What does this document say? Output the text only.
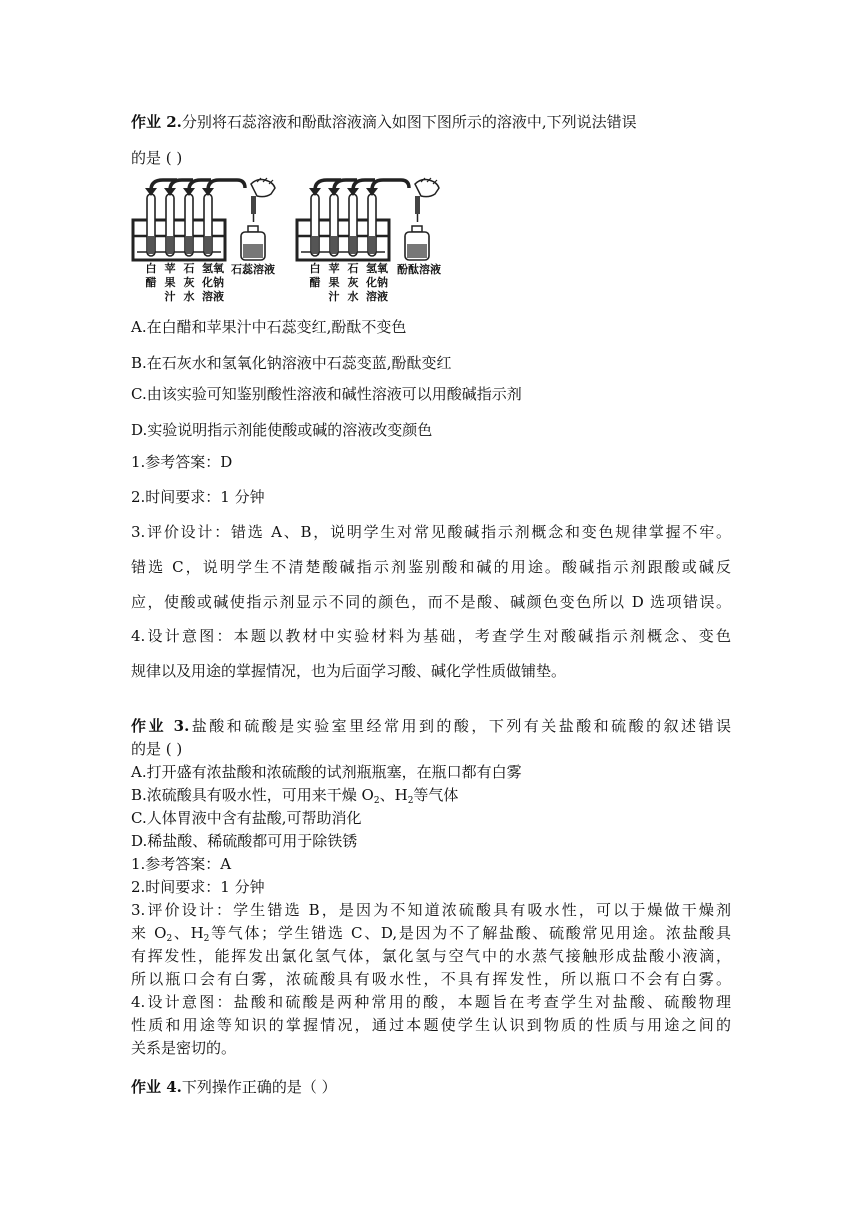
作业 2.分别将石蕊溶液和酚酞溶液滴入如图下图所示的溶液中,下列说法错误
的是 ( )
白
醋
苹
果
汁
石
灰
水
氢氧
化钠
溶液
石蕊溶液	白
醋
苹
果
汁
石
灰
水
氢氧
化钠
溶液
酚酞溶液
A.在白醋和苹果汁中石蕊变红,酚酞不变色
B.在石灰水和氢氧化钠溶液中石蕊变蓝,酚酞变红
C.由该实验可知鉴别酸性溶液和碱性溶液可以用酸碱指示剂
D.实验说明指示剂能使酸或碱的溶液改变颜色
1.参考答案：D
2.时间要求：1 分钟
3.评价设计：错选 A、B，说明学生对常见酸碱指示剂概念和变色规律掌握不牢。
错选 C，说明学生不清楚酸碱指示剂鉴别酸和碱的用途。酸碱指示剂跟酸或碱反
应，使酸或碱使指示剂显示不同的颜色，而不是酸、碱颜色变色所以 D 选项错误。
4.设计意图：本题以教材中实验材料为基础，考查学生对酸碱指示剂概念、变色
规律以及用途的掌握情况，也为后面学习酸、碱化学性质做铺垫。
作业 3.盐酸和硫酸是实验室里经常用到的酸，下列有关盐酸和硫酸的叙述错误
的是 ( )
A.打开盛有浓盐酸和浓硫酸的试剂瓶瓶塞，在瓶口都有白雾
B.浓硫酸具有吸水性，可用来干燥 $O_2$、$H_2$等气体
C.人体胃液中含有盐酸,可帮助消化
D.稀盐酸、稀硫酸都可用于除铁锈
1.参考答案：A
2.时间要求：1 分钟
3.评价设计：学生错选 B，是因为不知道浓硫酸具有吸水性，可以于燥做干燥剂
来 $O_2$、$H_2$等气体；学生错选 C、D,是因为不了解盐酸、硫酸常见用途。浓盐酸具
有挥发性，能挥发出氯化氢气体，氯化氢与空气中的水蒸气接触形成盐酸小液滴，
所以瓶口会有白雾，浓硫酸具有吸水性，不具有挥发性，所以瓶口不会有白雾。
4.设计意图：盐酸和硫酸是两种常用的酸，本题旨在考查学生对盐酸、硫酸物理
性质和用途等知识的掌握情况，通过本题使学生认识到物质的性质与用途之间的
关系是密切的。
作业 4.下列操作正确的是（ ）
